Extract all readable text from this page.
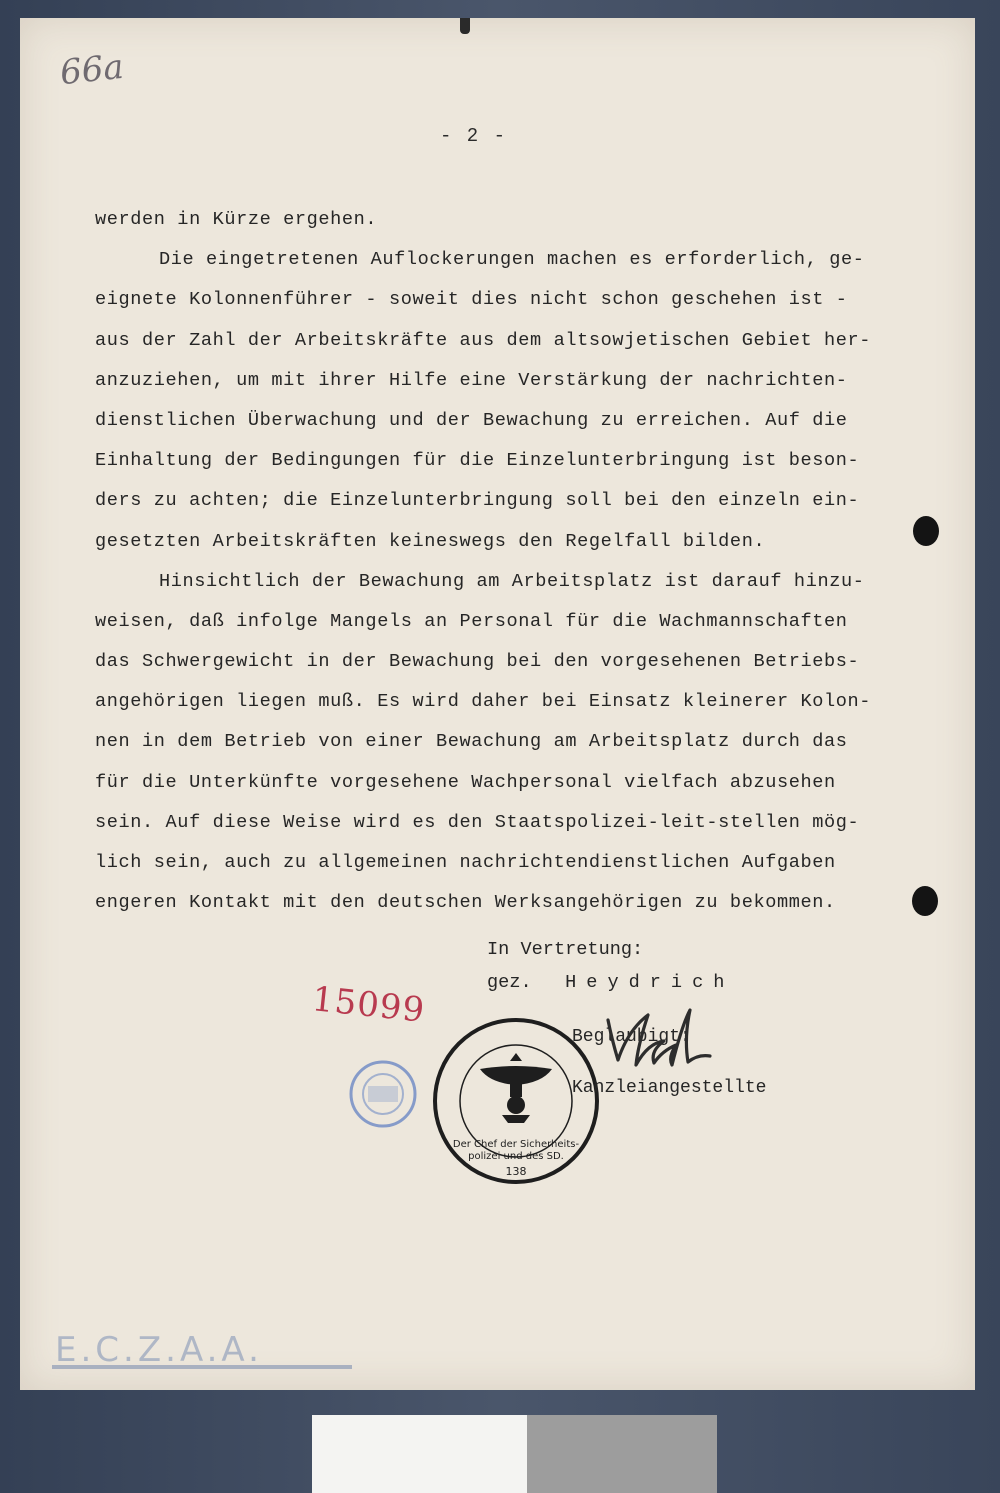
66a
- 2 -
werden in Kürze ergehen.
Die eingetretenen Auflockerungen machen es erforderlich, ge-
eignete Kolonnenführer - soweit dies nicht schon geschehen ist -
aus der Zahl der Arbeitskräfte aus dem altsowjetischen Gebiet her-
anzuziehen, um mit ihrer Hilfe eine Verstärkung der nachrichten-
dienstlichen Überwachung und der Bewachung zu erreichen. Auf die
Einhaltung der Bedingungen für die Einzelunterbringung ist beson-
ders zu achten; die Einzelunterbringung soll bei den einzeln ein-
gesetzten Arbeitskräften keineswegs den Regelfall bilden.
Hinsichtlich der Bewachung am Arbeitsplatz ist darauf hinzu-
weisen, daß infolge Mangels an Personal für die Wachmannschaften
das Schwergewicht in der Bewachung bei den vorgesehenen Betriebs-
angehörigen liegen muß. Es wird daher bei Einsatz kleinerer Kolon-
nen in dem Betrieb von einer Bewachung am Arbeitsplatz durch das
für die Unterkünfte vorgesehene Wachpersonal vielfach abzusehen
sein. Auf diese Weise wird es den Staatspolizei-leit-stellen mög-
lich sein, auch zu allgemeinen nachrichtendienstlichen Aufgaben
engeren Kontakt mit den deutschen Werksangehörigen zu bekommen.
In Vertretung:
gez. Heydrich
15099
Der Chef der Sicherheits-
polizei und des SD.
138
Beglaubigt:
Kanzleiangestellte
E.C.Z.A.A.
